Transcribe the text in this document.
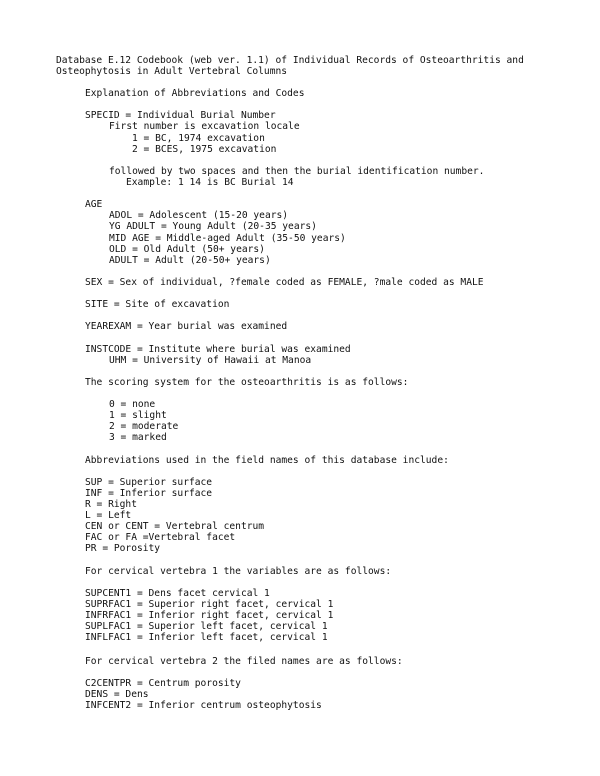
Database E.12 Codebook (web ver. 1.1) of Individual Records of Osteoarthritis and
Osteophytosis in Adult Vertebral Columns
Explanation of Abbreviations and Codes
SPECID = Individual Burial Number
First number is excavation locale
1 = BC, 1974 excavation
2 = BCES, 1975 excavation
followed by two spaces and then the burial identification number.
Example: 1 14 is BC Burial 14
AGE
ADOL = Adolescent (15-20 years)
YG ADULT = Young Adult (20-35 years)
MID AGE = Middle-aged Adult (35-50 years)
OLD = Old Adult (50+ years)
ADULT = Adult (20-50+ years)
SEX = Sex of individual, ?female coded as FEMALE, ?male coded as MALE
SITE = Site of excavation
YEAREXAM = Year burial was examined
INSTCODE = Institute where burial was examined
UHM = University of Hawaii at Manoa
The scoring system for the osteoarthritis is as follows:
0 = none
1 = slight
2 = moderate
3 = marked
Abbreviations used in the field names of this database include:
SUP = Superior surface
INF = Inferior surface
R = Right
L = Left
CEN or CENT = Vertebral centrum
FAC or FA =Vertebral facet
PR = Porosity
For cervical vertebra 1 the variables are as follows:
SUPCENT1 = Dens facet cervical 1
SUPRFAC1 = Superior right facet, cervical 1
INFRFAC1 = Inferior right facet, cervical 1
SUPLFAC1 = Superior left facet, cervical 1
INFLFAC1 = Inferior left facet, cervical 1
For cervical vertebra 2 the filed names are as follows:
C2CENTPR = Centrum porosity
DENS = Dens
INFCENT2 = Inferior centrum osteophytosis
